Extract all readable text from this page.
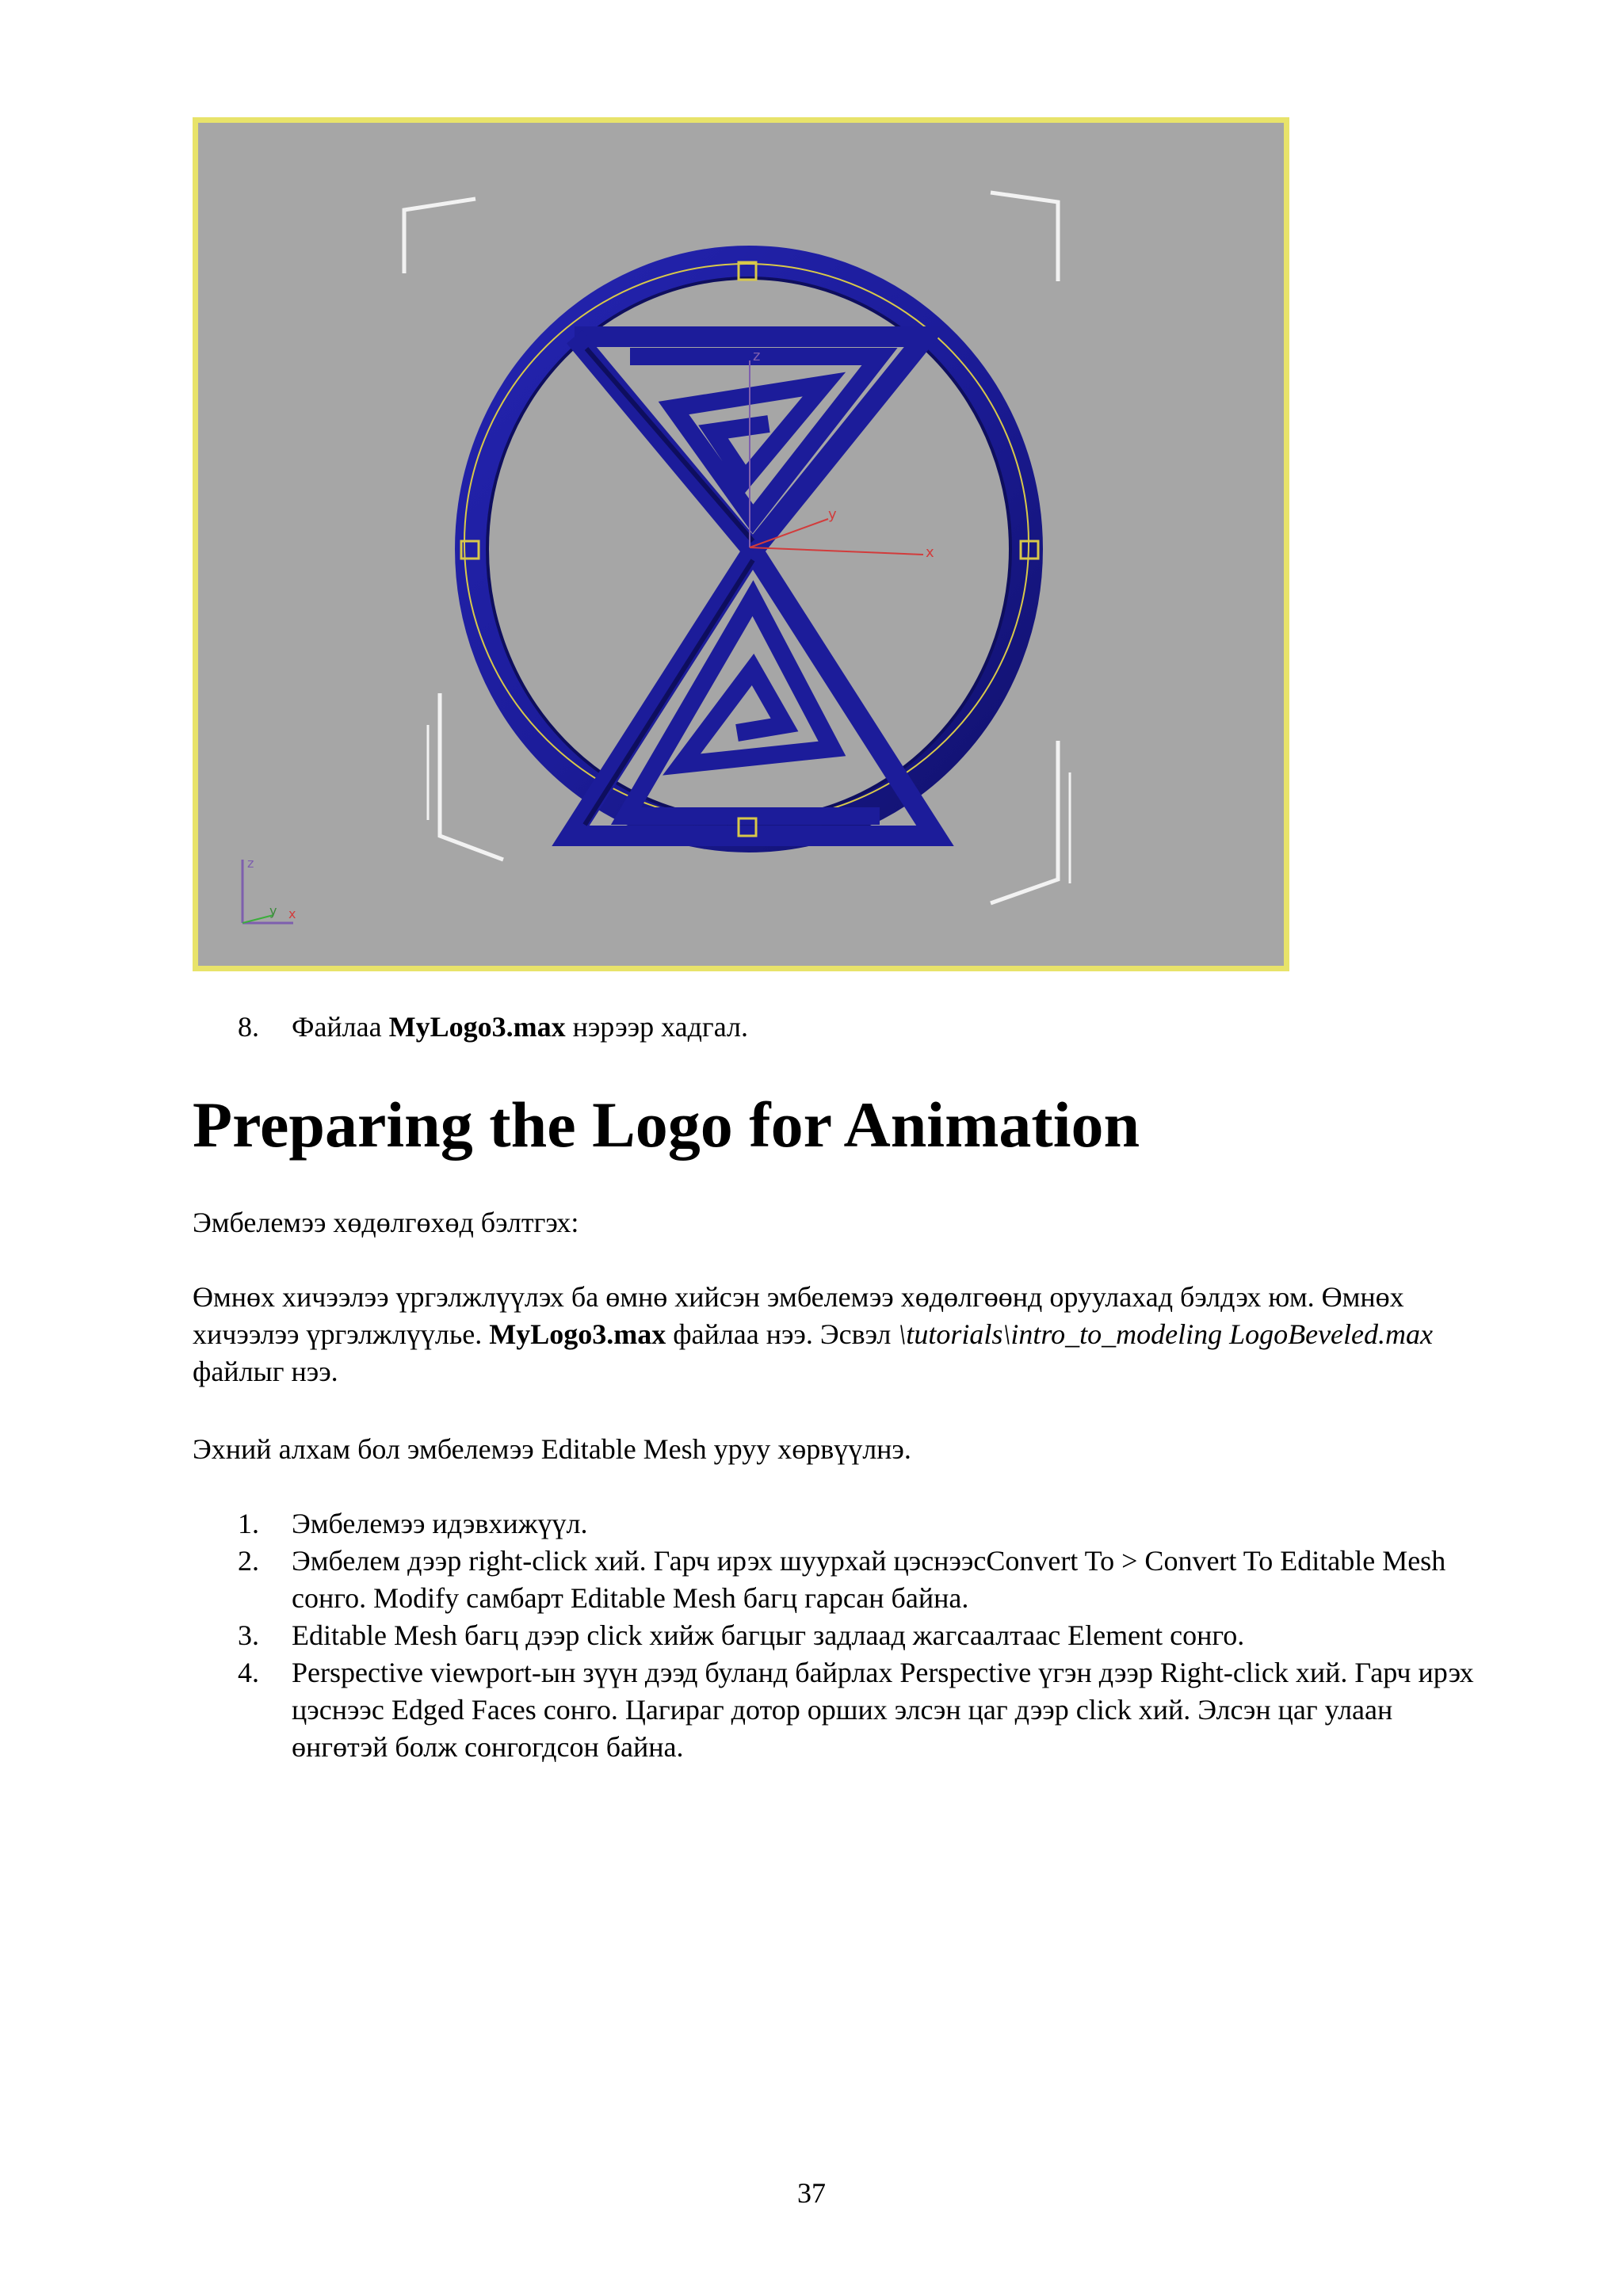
z
x
y
z
y x
8. Файлаа MyLogo3.max нэрээр хадгал.
Preparing the Logo for Animation
Эмбелемээ хөдөлгөхөд бэлтгэх:
Өмнөх хичээлээ үргэлжлүүлэх ба өмнө хийсэн эмбелемээ хөдөлгөөнд оруулахад бэлдэх юм. Өмнөх хичээлээ үргэлжлүүлье. MyLogo3.max файлаа нээ. Эсвэл \tutorials\intro_to_modeling LogoBeveled.max файлыг нээ.
Эхний алхам бол эмбелемээ Editable Mesh уруу хөрвүүлнэ.
1. Эмбелемээ идэвхижүүл.
2. Эмбелем дээр right-click хий. Гарч ирэх шуурхай цэснээсConvert To > Convert To Editable Mesh сонго. Modify самбарт Editable Mesh багц гарсан байна.
3. Editable Mesh багц дээр click хийж багцыг задлаад жагсаалтаас Element сонго.
4. Perspective viewport-ын зүүн дээд буланд байрлах Perspective үгэн дээр Right-click хий. Гарч ирэх цэснээс Edged Faces сонго. Цагираг дотор орших элсэн цаг дээр click хий. Элсэн цаг улаан өнгөтэй болж сонгогдсон байна.
37
